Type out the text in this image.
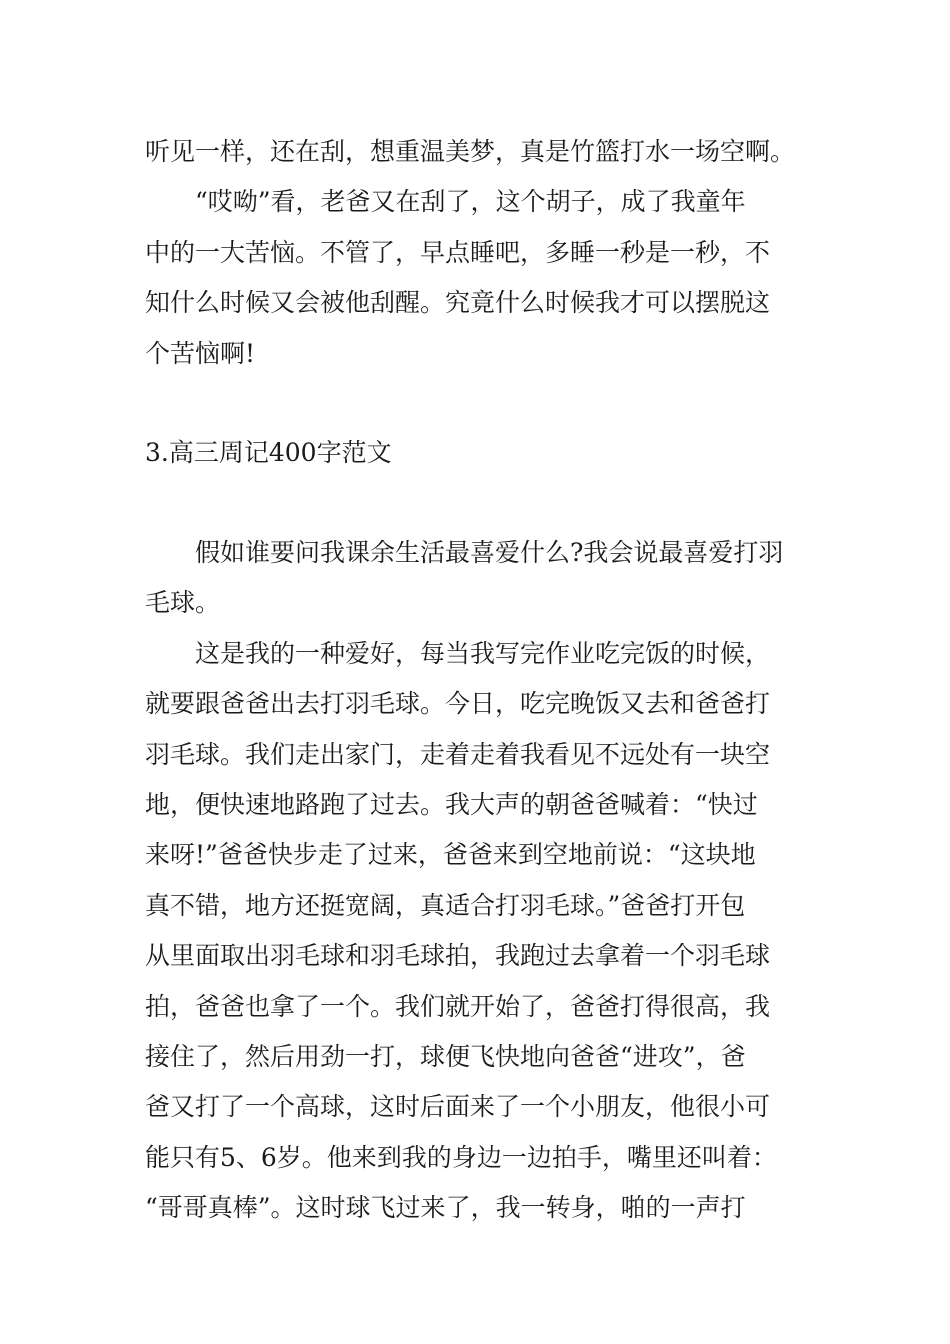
听见一样，还在刮，想重温美梦，真是竹篮打水一场空啊。

“哎呦”看，老爸又在刮了，这个胡子，成了我童年
中的一大苦恼。不管了，早点睡吧，多睡一秒是一秒，不
知什么时候又会被他刮醒。究竟什么时候我才可以摆脱这
个苦恼啊!

3.高三周记400字范文

假如谁要问我课余生活最喜爱什么?我会说最喜爱打羽
毛球。

这是我的一种爱好，每当我写完作业吃完饭的时候，
就要跟爸爸出去打羽毛球。今日，吃完晚饭又去和爸爸打
羽毛球。我们走出家门，走着走着我看见不远处有一块空
地，便快速地路跑了过去。我大声的朝爸爸喊着：“快过
来呀!”爸爸快步走了过来，爸爸来到空地前说：“这块地
真不错，地方还挺宽阔，真适合打羽毛球。”爸爸打开包
从里面取出羽毛球和羽毛球拍，我跑过去拿着一个羽毛球
拍，爸爸也拿了一个。我们就开始了，爸爸打得很高，我
接住了，然后用劲一打，球便飞快地向爸爸“进攻”，爸
爸又打了一个高球，这时后面来了一个小朋友，他很小可
能只有5、6岁。他来到我的身边一边拍手，嘴里还叫着：
“哥哥真棒”。这时球飞过来了，我一转身，啪的一声打
